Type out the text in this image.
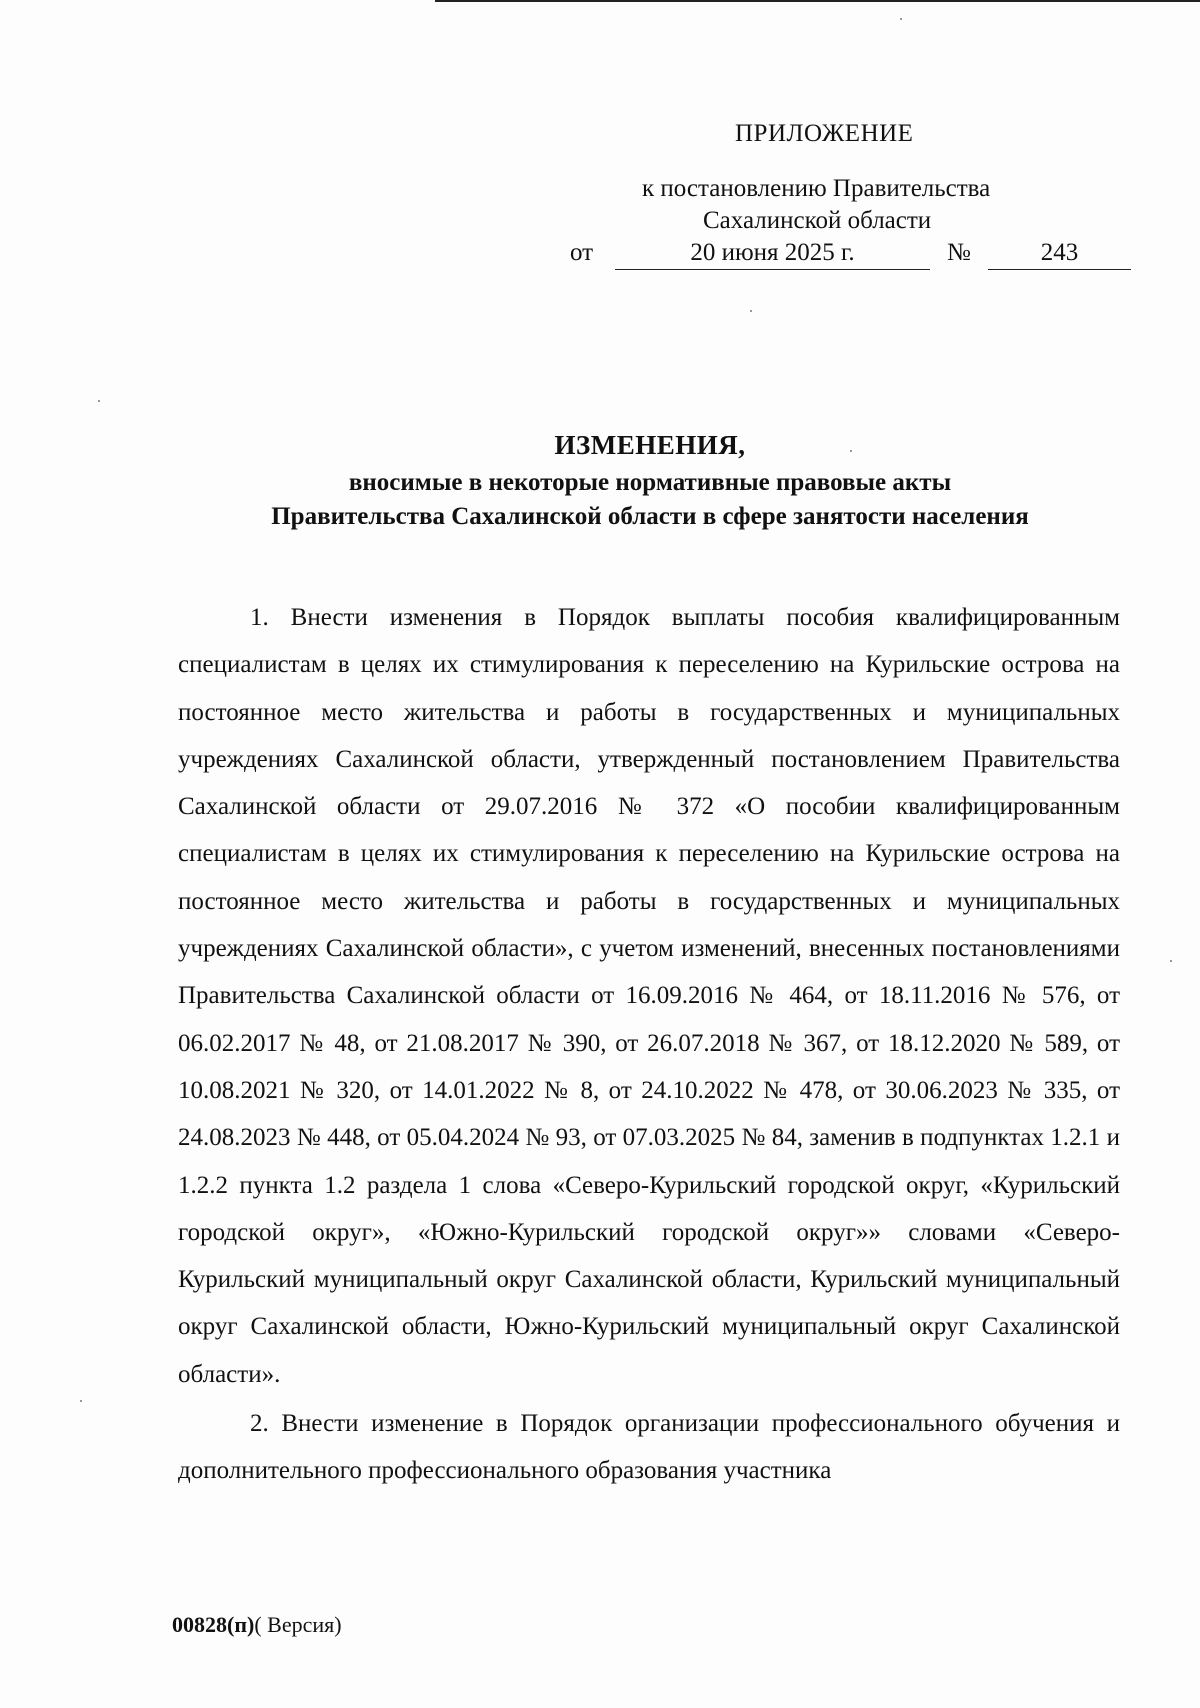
ПРИЛОЖЕНИЕ
к постановлению Правительства
Сахалинской области
от	20 июня 2025 г.	№	243
ИЗМЕНЕНИЯ,
вносимые в некоторые нормативные правовые акты
Правительства Сахалинской области в сфере занятости населения

1. Внести изменения в Порядок выплаты пособия квалифицированным специалистам в целях их стимулирования к переселению на Курильские острова на постоянное место жительства и работы в государственных и муниципальных учреждениях Сахалинской области, утвержденный постановлением Правительства Сахалинской области от 29.07.2016 № 372 «О пособии квалифицированным специалистам в целях их стимулирования к переселению на Курильские острова на постоянное место жительства и работы в государственных и муниципальных учреждениях Сахалинской области», с учетом изменений, внесенных постановлениями Правительства Сахалинской области от 16.09.2016 № 464, от 18.11.2016 № 576, от 06.02.2017 № 48, от 21.08.2017 № 390, от 26.07.2018 № 367, от 18.12.2020 № 589, от 10.08.2021 № 320, от 14.01.2022 № 8, от 24.10.2022 № 478, от 30.06.2023 № 335, от 24.08.2023 № 448, от 05.04.2024 № 93, от 07.03.2025 № 84, заменив в подпунктах 1.2.1 и 1.2.2 пункта 1.2 раздела 1 слова «Северо-Курильский городской округ, «Курильский городской округ», «Южно-Курильский городской округ»» словами «Северо-Курильский муниципальный округ Сахалинской области, Курильский муниципальный округ Сахалинской области, Южно-Курильский муниципальный округ Сахалинской области».

2. Внести изменение в Порядок организации профессионального обучения и дополнительного профессионального образования участника

00828(п)( Версия)
